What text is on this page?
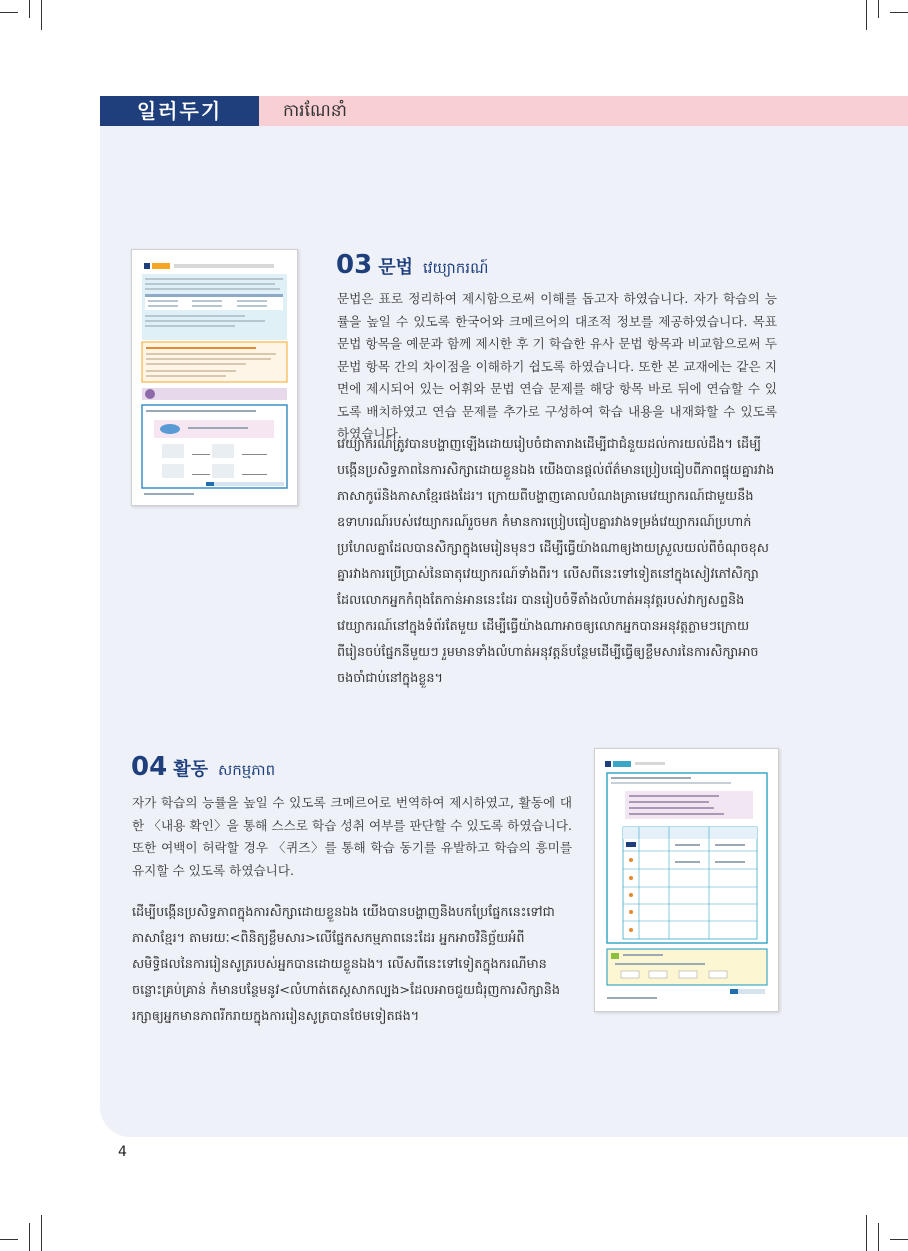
일러두기	ការណែនាំ
03 문법 វេយ្យាករណ៍

문법은 표로 정리하여 제시함으로써 이해를 돕고자 하였습니다. 자가 학습의 능률을 높일 수 있도록 한국어와 크메르어의 대조적 정보를 제공하였습니다. 목표 문법 항목을 예문과 함께 제시한 후 기 학습한 유사 문법 항목과 비교함으로써 두 문법 항목 간의 차이점을 이해하기 쉽도록 하였습니다. 또한 본 교재에는 같은 지면에 제시되어 있는 어휘와 문법 연습 문제를 해당 항목 바로 뒤에 연습할 수 있도록 배치하였고 연습 문제를 추가로 구성하여 학습 내용을 내재화할 수 있도록 하였습니다.

វេយ្យាករណ៍ត្រូវបានបង្ហាញឡើងដោយរៀបចំជាតារាងដើម្បីជាជំនួយដល់ការយល់ដឹង។ ដើម្បីបង្កើនប្រសិទ្ធភាពនៃការសិក្សាដោយខ្លួនឯង យើងបានផ្ដល់ព័ត៌មានប្រៀបធៀបពីភាពផ្ទុយគ្នារវាងភាសាកូរ៉េនិងភាសាខ្មែរផងដែរ។ ក្រោយពីបង្ហាញគោលបំណងគ្រាមេវេយ្យាករណ៍ជាមួយនឹងឧទាហរណ៍របស់វេយ្យាករណ៍រួចមក កំមានការប្រៀបធៀបគ្នារវាងទម្រង់វេយ្យាករណ៍ប្រហាក់ប្រហែលគ្នាដែលបានសិក្សាក្នុងមេរៀនមុនៗ ដើម្បីធ្វើយ៉ាងណាឲ្យងាយស្រួលយល់ពីចំណុចខុសគ្នារវាងការប្រើប្រាស់នៃធាតុវេយ្យាករណ៍ទាំងពីរ។ លើសពីនេះទៅទៀតនៅក្នុងសៀវភៅសិក្សាដែលលោកអ្នកកំពុងតែកាន់អាននេះដែរ បានរៀបចំទីតាំងលំហាត់អនុវត្តរបស់វាក្យសព្ទនិងវេយ្យាករណ៍នៅក្នុងទំព័រតែមួយ ដើម្បីធ្វើយ៉ាងណាអាចឲ្យលោកអ្នកបានអនុវត្តភ្លាមៗក្រោយពីរៀនចប់ផ្នែកនីមួយៗ រួមមានទាំងលំហាត់អនុវត្តន៍បន្ថែមដើម្បីធ្វើឲ្យខ្លឹមសារនៃការសិក្សាអាចចងចាំជាប់នៅក្នុងខ្លួន។

04 활동 សកម្មភាព

자가 학습의 능률을 높일 수 있도록 크메르어로 번역하여 제시하였고, 활동에 대한 〈내용 확인〉을 통해 스스로 학습 성취 여부를 판단할 수 있도록 하였습니다. 또한 여백이 허락할 경우 〈퀴즈〉를 통해 학습 동기를 유발하고 학습의 흥미를 유지할 수 있도록 하였습니다.

ដើម្បីបង្កើនប្រសិទ្ធភាពក្នុងការសិក្សាដោយខ្លួនឯង យើងបានបង្ហាញនិងបកប្រែផ្នែកនេះទៅជាភាសាខ្មែរ។ តាមរយៈ<ពិនិត្យខ្លឹមសារ>លើផ្នែកសកម្មភាពនេះដែរ អ្នកអាចវិនិច្ឆ័យអំពីសមិទ្ធិផលនៃការរៀនសូត្ររបស់អ្នកបានដោយខ្លួនឯង។ លើសពីនេះទៅទៀតក្នុងករណីមានចន្លោះគ្រប់គ្រាន់ កំមានបន្ថែមនូវ<លំហាត់តេស្តសាកល្បង>ដែលអាចជួយជំរុញការសិក្សានិងរក្សាឲ្យអ្នកមានភាពរីករាយក្នុងការរៀនសូត្របានថែមទៀតផង។

4
